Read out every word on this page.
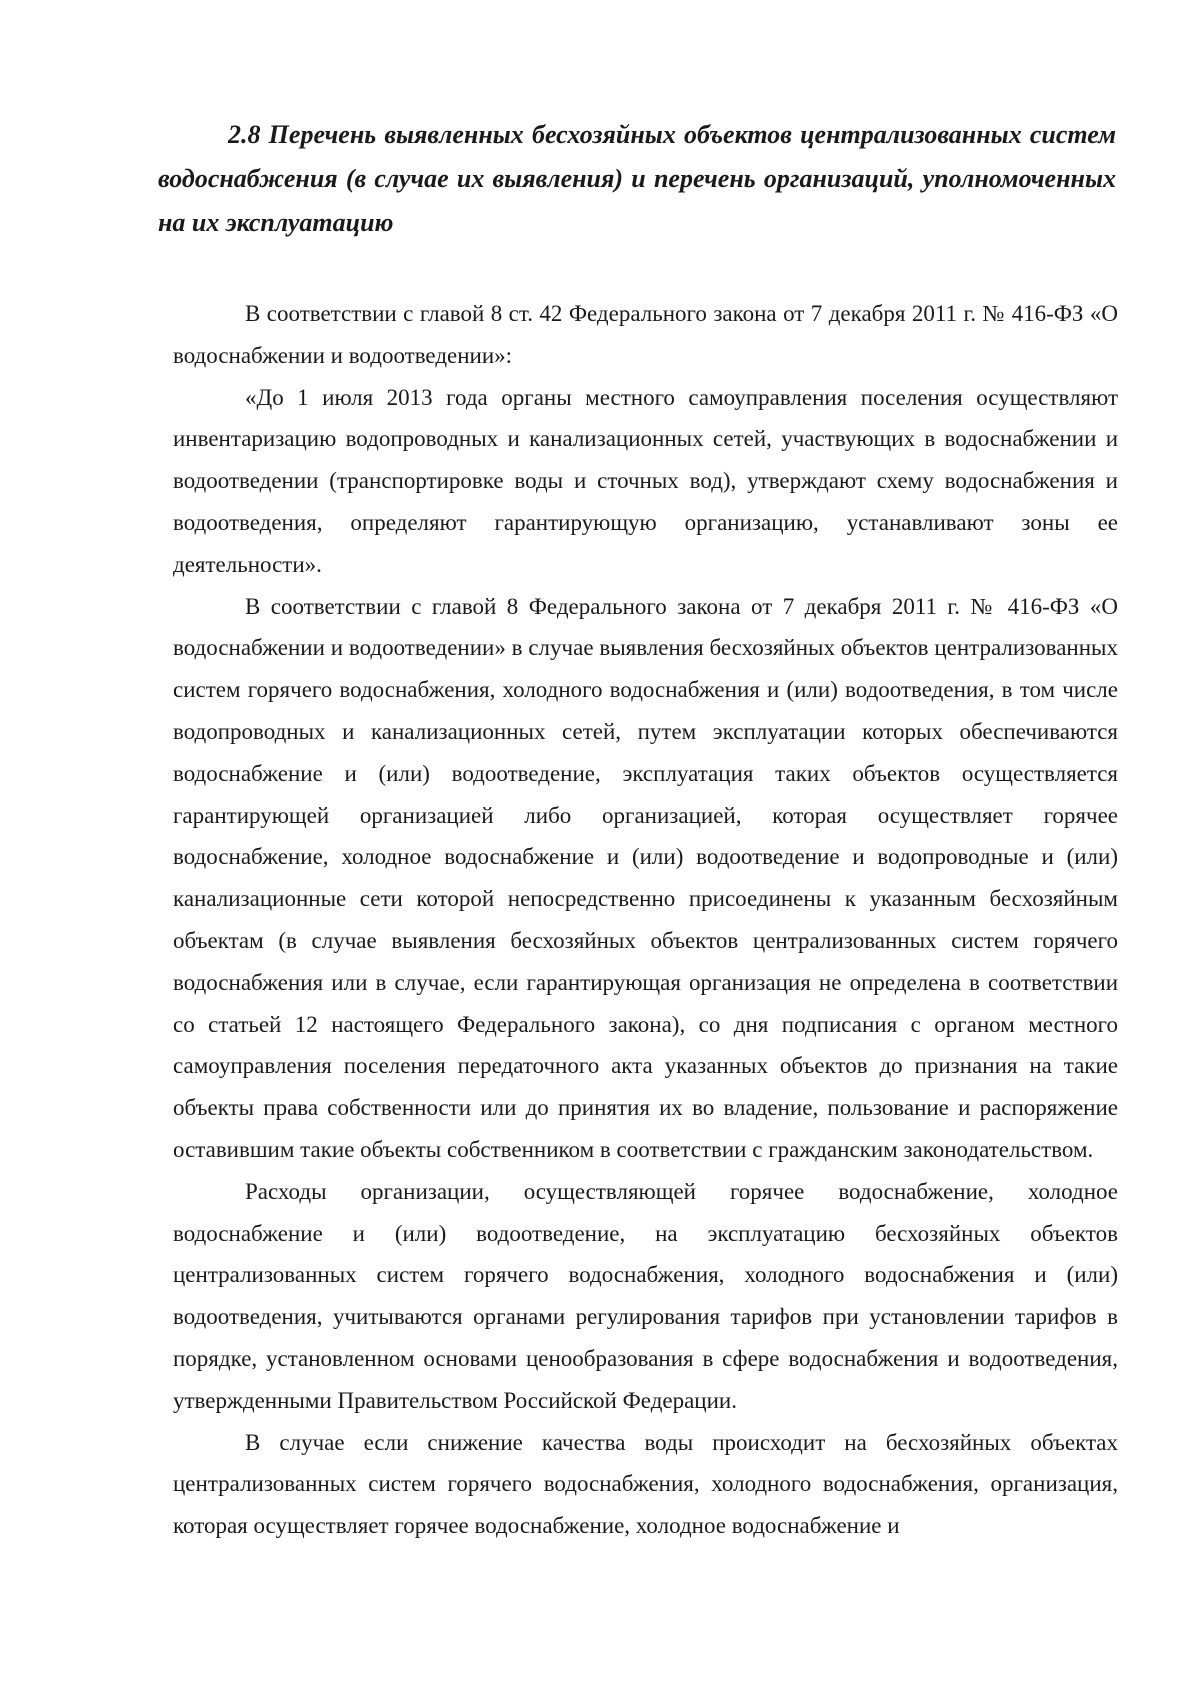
2.8 Перечень выявленных бесхозяйных объектов централизованных систем водоснабжения (в случае их выявления) и перечень организаций, уполномоченных на их эксплуатацию

В соответствии с главой 8 ст. 42 Федерального закона от 7 декабря 2011 г. № 416-ФЗ «О водоснабжении и водоотведении»:

«До 1 июля 2013 года органы местного самоуправления поселения осуществляют инвентаризацию водопроводных и канализационных сетей, участвующих в водоснабжении и водоотведении (транспортировке воды и сточных вод), утверждают схему водоснабжения и водоотведения, определяют гарантирующую организацию, устанавливают зоны ее деятельности».

В соответствии с главой 8 Федерального закона от 7 декабря 2011 г. № 416-ФЗ «О водоснабжении и водоотведении» в случае выявления бесхозяйных объектов централизованных систем горячего водоснабжения, холодного водоснабжения и (или) водоотведения, в том числе водопроводных и канализационных сетей, путем эксплуатации которых обеспечиваются водоснабжение и (или) водоотведение, эксплуатация таких объектов осуществляется гарантирующей организацией либо организацией, которая осуществляет горячее водоснабжение, холодное водоснабжение и (или) водоотведение и водопроводные и (или) канализационные сети которой непосредственно присоединены к указанным бесхозяйным объектам (в случае выявления бесхозяйных объектов централизованных систем горячего водоснабжения или в случае, если гарантирующая организация не определена в соответствии со статьей 12 настоящего Федерального закона), со дня подписания с органом местного самоуправления поселения передаточного акта указанных объектов до признания на такие объекты права собственности или до принятия их во владение, пользование и распоряжение оставившим такие объекты собственником в соответствии с гражданским законодательством.

Расходы организации, осуществляющей горячее водоснабжение, холодное водоснабжение и (или) водоотведение, на эксплуатацию бесхозяйных объектов централизованных систем горячего водоснабжения, холодного водоснабжения и (или) водоотведения, учитываются органами регулирования тарифов при установлении тарифов в порядке, установленном основами ценообразования в сфере водоснабжения и водоотведения, утвержденными Правительством Российской Федерации.

В случае если снижение качества воды происходит на бесхозяйных объектах централизованных систем горячего водоснабжения, холодного водоснабжения, организация, которая осуществляет горячее водоснабжение, холодное водоснабжение и
